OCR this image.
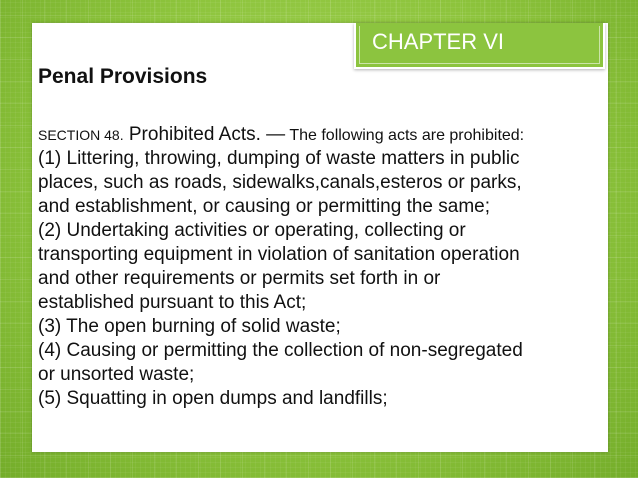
CHAPTER VI

Penal Provisions

SECTION 48. Prohibited Acts. — The following acts are prohibited:

(1) Littering, throwing, dumping of waste matters in public
places, such as roads, sidewalks,canals,esteros or parks,
and establishment, or causing or permitting the same;
(2) Undertaking activities or operating, collecting or
transporting equipment in violation of sanitation operation
and other requirements or permits set forth in or
established pursuant to this Act;
(3) The open burning of solid waste;
(4) Causing or permitting the collection of non-segregated
or unsorted waste;
(5) Squatting in open dumps and landfills;
